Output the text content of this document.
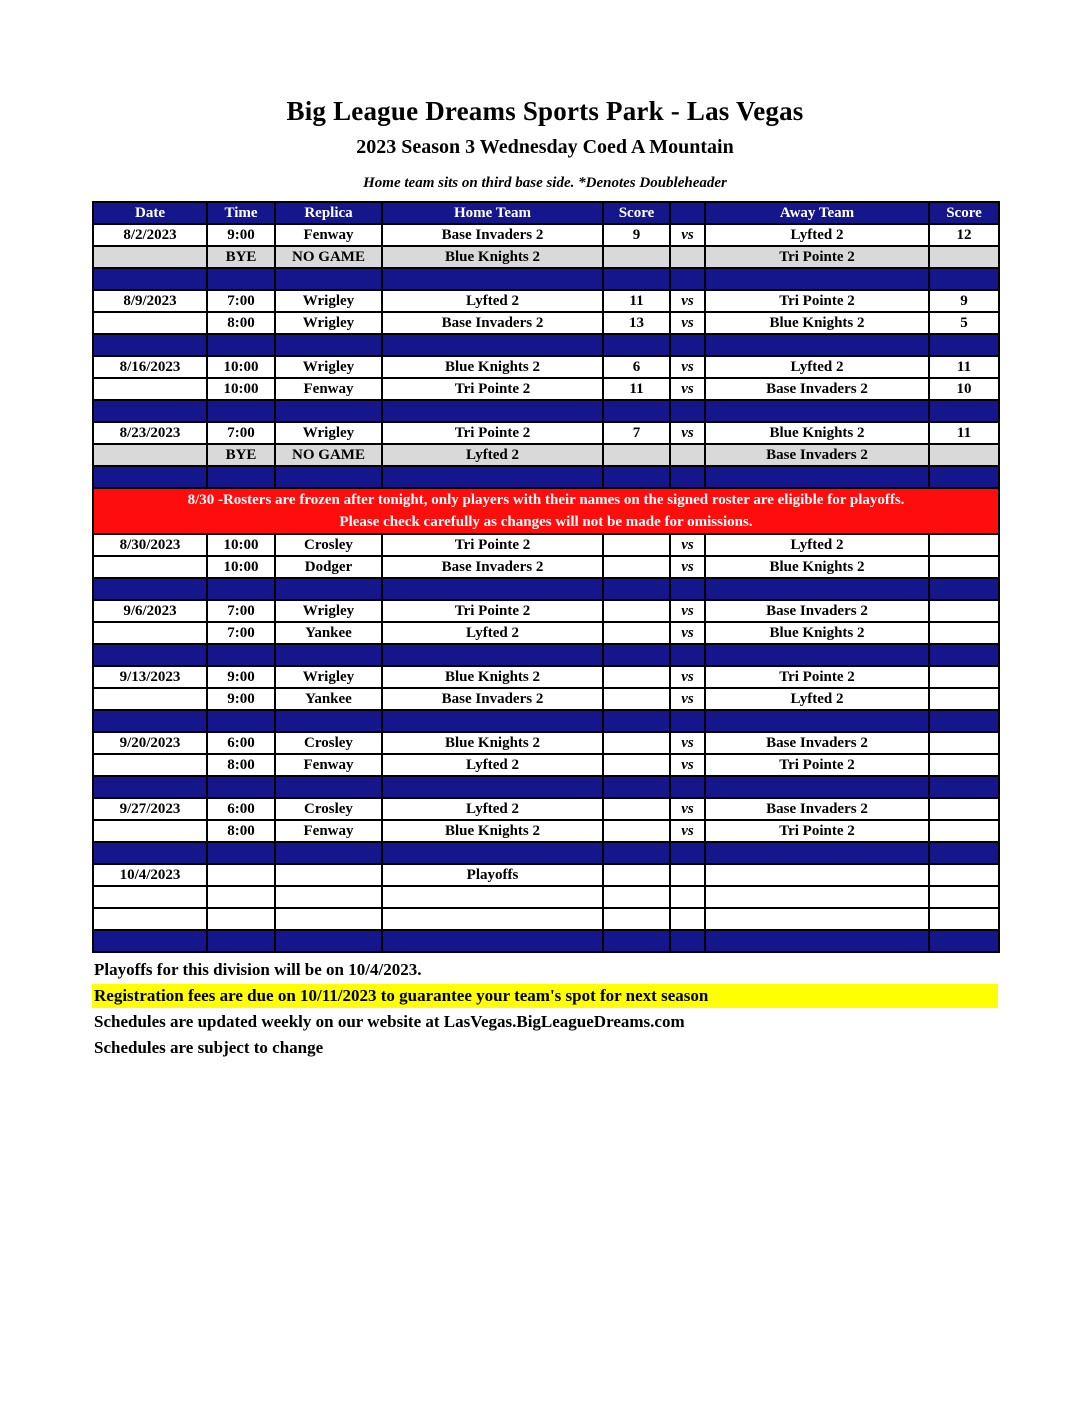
Big League Dreams Sports Park - Las Vegas
2023 Season 3 Wednesday Coed A Mountain
Home team sits on third base side. *Denotes Doubleheader
Date	Time	Replica	Home Team	Score		Away Team	Score
8/2/2023	9:00	Fenway	Base Invaders 2	9	vs	Lyfted 2	12
	BYE	NO GAME	Blue Knights 2			Tri Pointe 2	

8/9/2023	7:00	Wrigley	Lyfted 2	11	vs	Tri Pointe 2	9
	8:00	Wrigley	Base Invaders 2	13	vs	Blue Knights 2	5

8/16/2023	10:00	Wrigley	Blue Knights 2	6	vs	Lyfted 2	11
	10:00	Fenway	Tri Pointe 2	11	vs	Base Invaders 2	10

8/23/2023	7:00	Wrigley	Tri Pointe 2	7	vs	Blue Knights 2	11
	BYE	NO GAME	Lyfted 2			Base Invaders 2	

8/30 -Rosters are frozen after tonight, only players with their names on the signed roster are eligible for playoffs.
Please check carefully as changes will not be made for omissions.							

8/30/2023	10:00	Crosley	Tri Pointe 2		vs	Lyfted 2	
	10:00	Dodger	Base Invaders 2		vs	Blue Knights 2	

9/6/2023	7:00	Wrigley	Tri Pointe 2		vs	Base Invaders 2	
	7:00	Yankee	Lyfted 2		vs	Blue Knights 2	

9/13/2023	9:00	Wrigley	Blue Knights 2		vs	Tri Pointe 2	
	9:00	Yankee	Base Invaders 2		vs	Lyfted 2	

9/20/2023	6:00	Crosley	Blue Knights 2		vs	Base Invaders 2	
	8:00	Fenway	Lyfted 2		vs	Tri Pointe 2	

9/27/2023	6:00	Crosley	Lyfted 2		vs	Base Invaders 2	
	8:00	Fenway	Blue Knights 2		vs	Tri Pointe 2	

10/4/2023			Playoffs				

Playoffs for this division will be on 10/4/2023.
Registration fees are due on 10/11/2023 to guarantee your team's spot for next season
Schedules are updated weekly on our website at LasVegas.BigLeagueDreams.com
Schedules are subject to change
